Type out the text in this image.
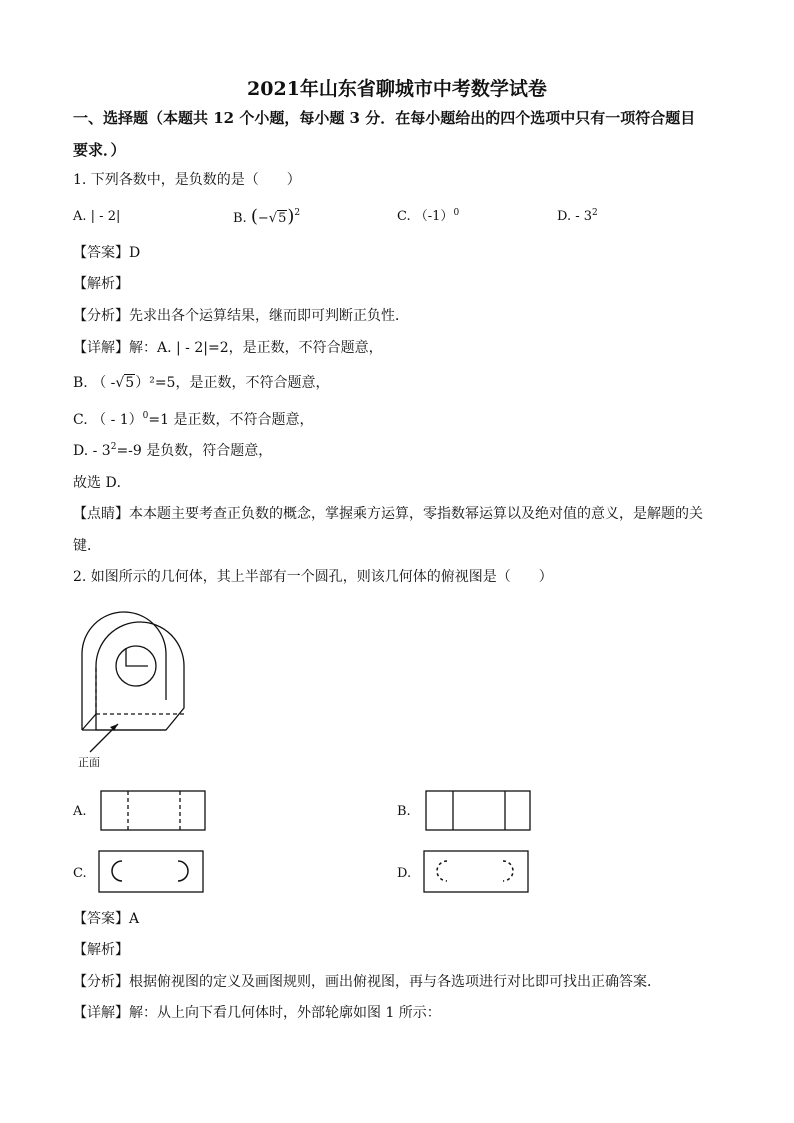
2021年山东省聊城市中考数学试卷
一、选择题（本题共 12 个小题，每小题 3 分．在每小题给出的四个选项中只有一项符合题目
要求．）
1. 下列各数中，是负数的是（　　）
A. | - 2|	B. $(-√5)^2$	C. $(-1)^0$	D. - $3^2$
【答案】D
【解析】
【分析】先求出各个运算结果，继而即可判断正负性．
【详解】解：A. | - 2|=2，是正数，不符合题意，
B. （ -√5）²=5，是正数，不符合题意，
C. （ - 1）$^0$=1 是正数，不符合题意，
D. - $3^2=-9$ 是负数，符合题意，
故选 D．
【点睛】本本题主要考查正负数的概念，掌握乘方运算，零指数幂运算以及绝对值的意义，是解题的关
键．
2. 如图所示的几何体，其上半部有一个圆孔，则该几何体的俯视图是（　　）
正面
A.	B.
C.	D.
【答案】A
【解析】
【分析】根据俯视图的定义及画图规则，画出俯视图，再与各选项进行对比即可找出正确答案．
【详解】解：从上向下看几何体时，外部轮廓如图 1 所示：
